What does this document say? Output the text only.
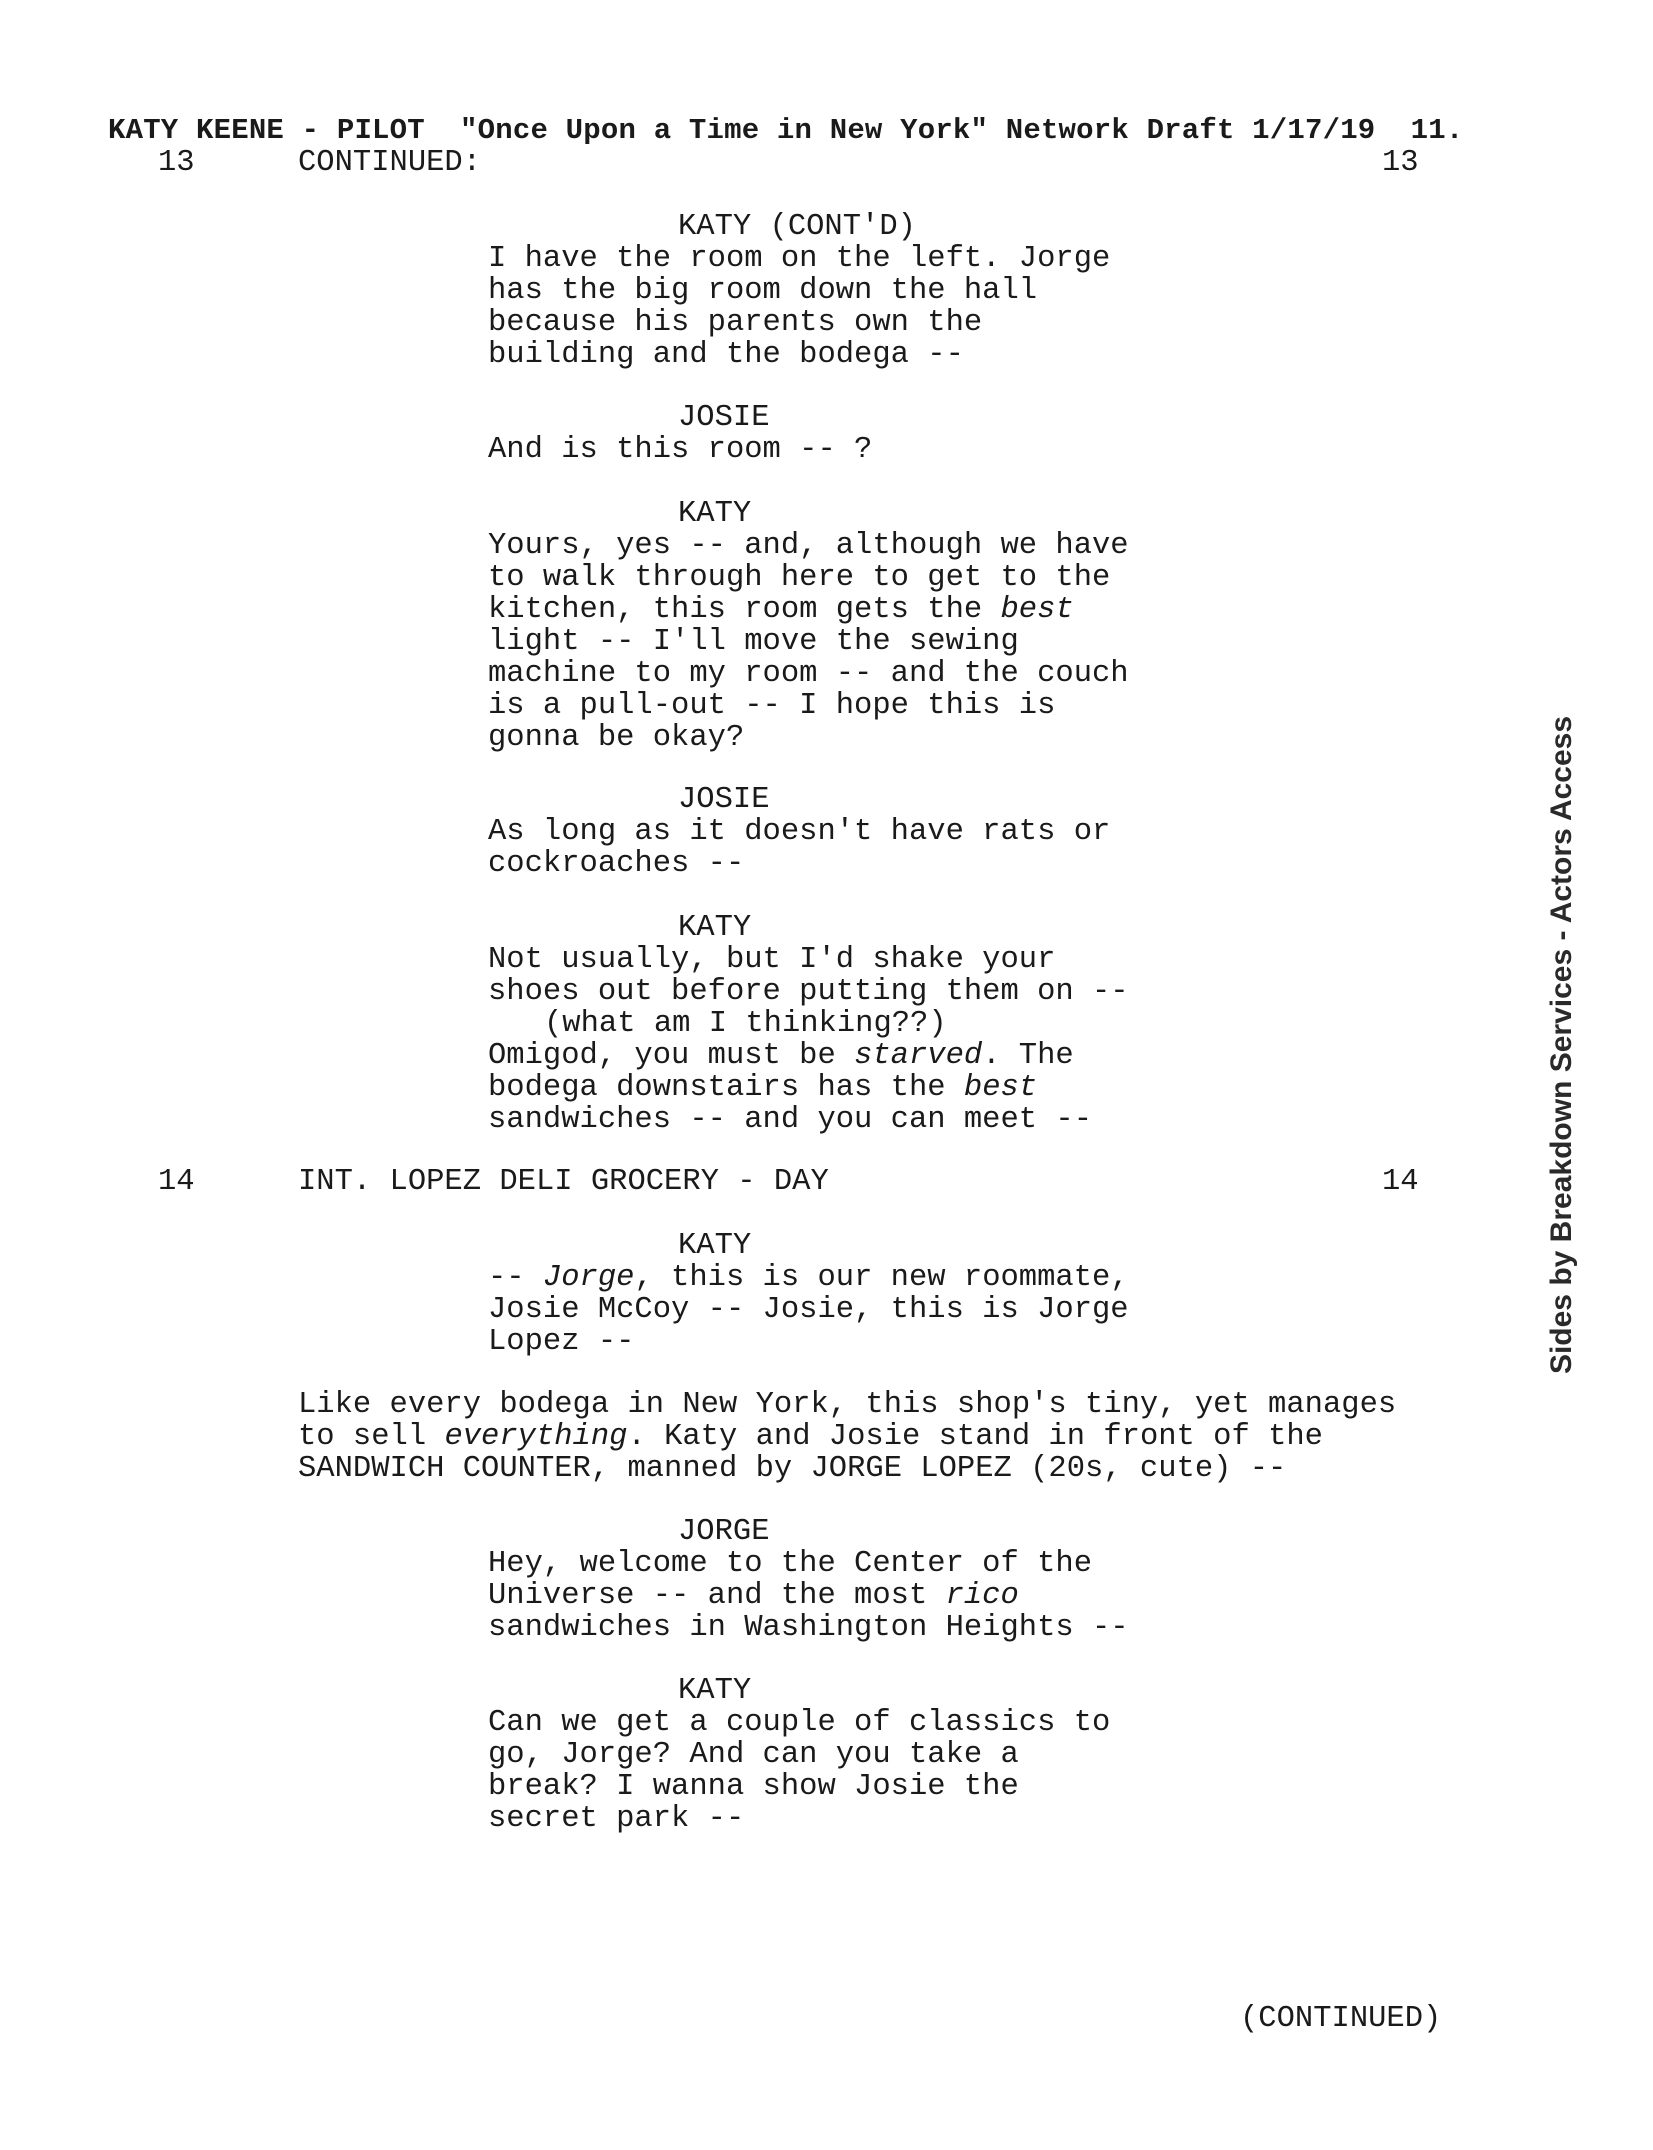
KATY KEENE - PILOT  "Once Upon a Time in New York" Network Draft 1/17/19  11.
13	CONTINUED:	13
KATY (CONT'D)
I have the room on the left. Jorge
has the big room down the hall
because his parents own the
building and the bodega --
JOSIE
And is this room -- ?
KATY
Yours, yes -- and, although we have
to walk through here to get to the
kitchen, this room gets the best
light -- I'll move the sewing
machine to my room -- and the couch
is a pull-out -- I hope this is
gonna be okay?
JOSIE
As long as it doesn't have rats or
cockroaches --
KATY
Not usually, but I'd shake your
shoes out before putting them on --
(what am I thinking??)
Omigod, you must be starved. The
bodega downstairs has the best
sandwiches -- and you can meet --
14	INT. LOPEZ DELI GROCERY - DAY	14
KATY
-- Jorge, this is our new roommate,
Josie McCoy -- Josie, this is Jorge
Lopez --
Like every bodega in New York, this shop's tiny, yet manages
to sell everything. Katy and Josie stand in front of the
SANDWICH COUNTER, manned by JORGE LOPEZ (20s, cute) --
JORGE
Hey, welcome to the Center of the
Universe -- and the most rico
sandwiches in Washington Heights --
KATY
Can we get a couple of classics to
go, Jorge? And can you take a
break? I wanna show Josie the
secret park --
(CONTINUED)
Sides by Breakdown Services - Actors Access
